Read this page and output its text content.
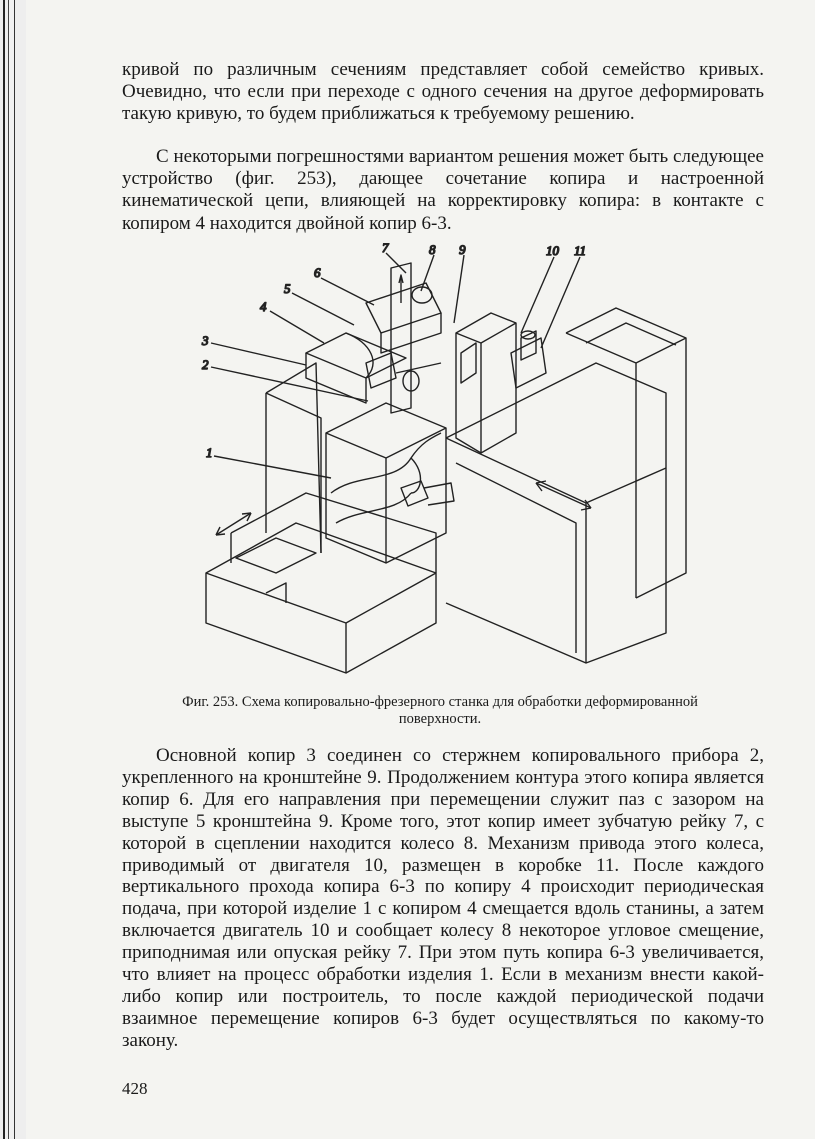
кривой по различным сечениям представляет собой семейство кривых. Очевидно, что если при переходе с одного сечения на другое деформировать такую кривую, то будем приближаться к требуемому решению.

С некоторыми погрешностями вариантом решения может быть следующее устройство (фиг. 253), дающее сочетание копира и настроенной кинематической цепи, влияющей на корректировку копира: в контакте с копиром 4 находится двойной копир 6-3.

7	8 9	10 11
6
5
4
3
2
1

Фиг. 253. Схема копировально-фрезерного станка для обработки деформированной поверхности.

Основной копир 3 соединен со стержнем копировального прибора 2, укрепленного на кронштейне 9. Продолжением контура этого копира является копир 6. Для его направления при перемещении служит паз с зазором на выступе 5 кронштейна 9. Кроме того, этот копир имеет зубчатую рейку 7, с которой в сцеплении находится колесо 8. Механизм привода этого колеса, приводимый от двигателя 10, размещен в коробке 11. После каждого вертикального прохода копира 6-3 по копиру 4 происходит периодическая подача, при которой изделие 1 с копиром 4 смещается вдоль станины, а затем включается двигатель 10 и сообщает колесу 8 некоторое угловое смещение, приподнимая или опуская рейку 7. При этом путь копира 6-3 увеличивается, что влияет на процесс обработки изделия 1. Если в механизм внести какой-либо копир или построитель, то после каждой периодической подачи взаимное перемещение копиров 6-3 будет осуществляться по какому-то закону.

428
